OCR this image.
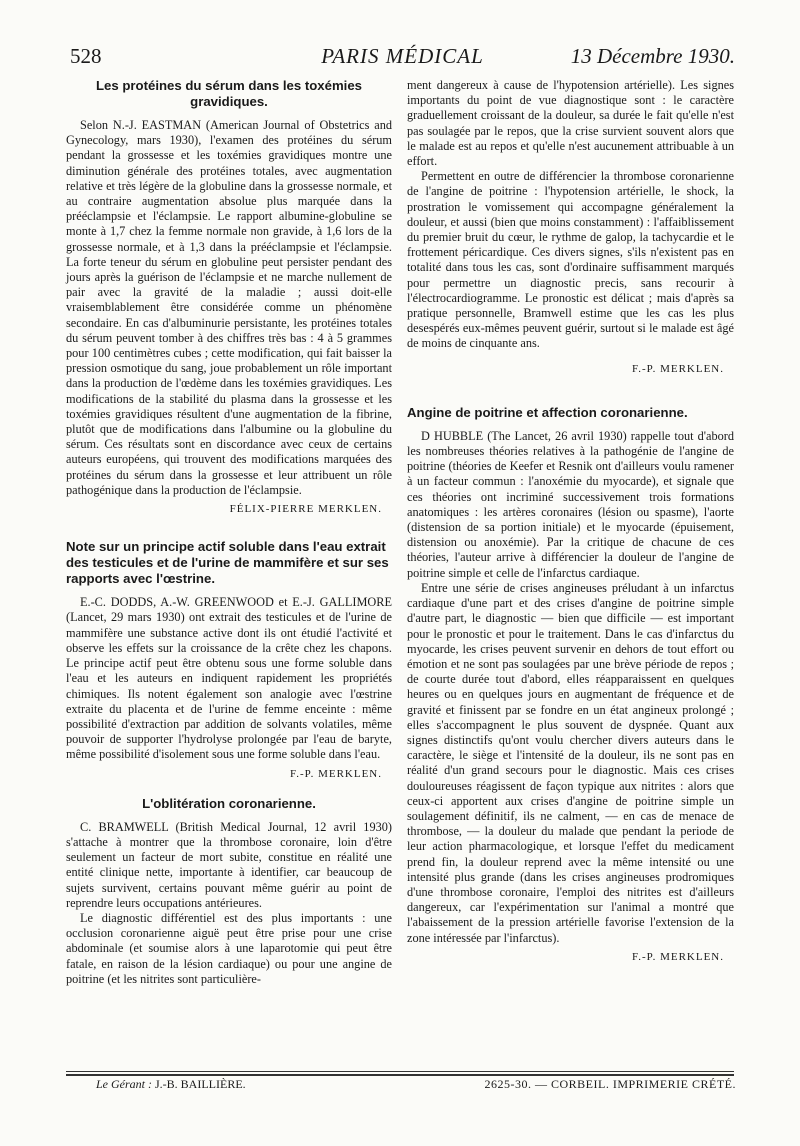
528	PARIS MÉDICAL	13 Décembre 1930.
Les protéines du sérum dans les toxémies gravidiques.

Selon N.-J. EASTMAN (American Journal of Obstetrics and Gynecology, mars 1930), l'examen des protéines du sérum pendant la grossesse et les toxémies gravidiques montre une diminution générale des protéines totales, avec augmentation relative et très légère de la globuline dans la grossesse normale, et au contraire augmentation absolue plus marquée dans la prééclampsie et l'éclampsie. Le rapport albumine-globuline se monte à 1,7 chez la femme normale non gravide, à 1,6 lors de la grossesse normale, et à 1,3 dans la prééclampsie et l'éclampsie. La forte teneur du sérum en globuline peut persister pendant des jours après la guérison de l'éclampsie et ne marche nullement de pair avec la gravité de la maladie ; aussi doit-elle vraisemblablement être considérée comme un phénomène secondaire. En cas d'albuminurie persistante, les protéines totales du sérum peuvent tomber à des chiffres très bas : 4 à 5 grammes pour 100 centimètres cubes ; cette modification, qui fait baisser la pression osmotique du sang, joue probablement un rôle important dans la production de l'œdème dans les toxémies gravidiques. Les modifications de la stabilité du plasma dans la grossesse et les toxémies gravidiques résultent d'une augmentation de la fibrine, plutôt que de modifications dans l'albumine ou la globuline du sérum. Ces résultats sont en discordance avec ceux de certains auteurs européens, qui trouvent des modifications marquées des protéines du sérum dans la grossesse et leur attribuent un rôle pathogénique dans la production de l'éclampsie.

FÉLIX-PIERRE MERKLEN.
Note sur un principe actif soluble dans l'eau extrait des testicules et de l'urine de mammifère et sur ses rapports avec l'œstrine.

E.-C. DODDS, A.-W. GREENWOOD et E.-J. GALLIMORE (Lancet, 29 mars 1930) ont extrait des testicules et de l'urine de mammifère une substance active dont ils ont étudié l'activité et observe les effets sur la croissance de la crête chez les chapons. Le principe actif peut être obtenu sous une forme soluble dans l'eau et les auteurs en indiquent rapidement les propriétés chimiques. Ils notent également son analogie avec l'œstrine extraite du placenta et de l'urine de femme enceinte : même possibilité d'extraction par addition de solvants volatiles, même pouvoir de supporter l'hydrolyse prolongée par l'eau de baryte, même possibilité d'isolement sous une forme soluble dans l'eau.

F.-P. MERKLEN.
L'oblitération coronarienne.

C. BRAMWELL (British Medical Journal, 12 avril 1930) s'attache à montrer que la thrombose coronaire, loin d'être seulement un facteur de mort subite, constitue en réalité une entité clinique nette, importante à identifier, car beaucoup de sujets survivent, certains pouvant même guérir au point de reprendre leurs occupations antérieures.

Le diagnostic différentiel est des plus importants : une occlusion coronarienne aiguë peut être prise pour une crise abdominale (et soumise alors à une laparotomie qui peut être fatale, en raison de la lésion cardiaque) ou pour une angine de poitrine (et les nitrites sont particulière-

ment dangereux à cause de l'hypotension artérielle). Les signes importants du point de vue diagnostique sont : le caractère graduellement croissant de la douleur, sa durée le fait qu'elle n'est pas soulagée par le repos, que la crise survient souvent alors que le malade est au repos et qu'elle n'est aucunement attribuable à un effort.

Permettent en outre de différencier la thrombose coronarienne de l'angine de poitrine : l'hypotension artérielle, le shock, la prostration le vomissement qui accompagne généralement la douleur, et aussi (bien que moins constamment) : l'affaiblissement du premier bruit du cœur, le rythme de galop, la tachycardie et le frottement péricardique. Ces divers signes, s'ils n'existent pas en totalité dans tous les cas, sont d'ordinaire suffisamment marqués pour permettre un diagnostic precis, sans recourir à l'électrocardiogramme. Le pronostic est délicat ; mais d'après sa pratique personnelle, Bramwell estime que les cas les plus desespérés eux-mêmes peuvent guérir, surtout si le malade est âgé de moins de cinquante ans.

F.-P. MERKLEN.
Angine de poitrine et affection coronarienne.

D HUBBLE (The Lancet, 26 avril 1930) rappelle tout d'abord les nombreuses théories relatives à la pathogénie de l'angine de poitrine (théories de Keefer et Resnik ont d'ailleurs voulu ramener à un facteur commun : l'anoxémie du myocarde), et signale que ces théories ont incriminé successivement trois formations anatomiques : les artères coronaires (lésion ou spasme), l'aorte (distension de sa portion initiale) et le myocarde (épuisement, distension ou anoxémie). Par la critique de chacune de ces théories, l'auteur arrive à différencier la douleur de l'angine de poitrine simple et celle de l'infarctus cardiaque.

Entre une série de crises angineuses préludant à un infarctus cardiaque d'une part et des crises d'angine de poitrine simple d'autre part, le diagnostic — bien que difficile — est important pour le pronostic et pour le traitement. Dans le cas d'infarctus du myocarde, les crises peuvent survenir en dehors de tout effort ou émotion et ne sont pas soulagées par une brève période de repos ; de courte durée tout d'abord, elles réapparaissent en quelques heures ou en quelques jours en augmentant de fréquence et de gravité et finissent par se fondre en un état angineux prolongé ; elles s'accompagnent le plus souvent de dyspnée. Quant aux signes distinctifs qu'ont voulu chercher divers auteurs dans le caractère, le siège et l'intensité de la douleur, ils ne sont pas en réalité d'un grand secours pour le diagnostic. Mais ces crises douloureuses réagissent de façon typique aux nitrites : alors que ceux-ci apportent aux crises d'angine de poitrine simple un soulagement définitif, ils ne calment, — en cas de menace de thrombose, — la douleur du malade que pendant la periode de leur action pharmacologique, et lorsque l'effet du medicament prend fin, la douleur reprend avec la même intensité ou une intensité plus grande (dans les crises angineuses prodromiques d'une thrombose coronaire, l'emploi des nitrites est d'ailleurs dangereux, car l'expérimentation sur l'animal a montré que l'abaissement de la pression artérielle favorise l'extension de la zone intéressée par l'infarctus).

F.-P. MERKLEN.
Le Gérant : J.-B. BAILLIÈRE.	2625-30. — CORBEIL. IMPRIMERIE CRÉTÉ.
